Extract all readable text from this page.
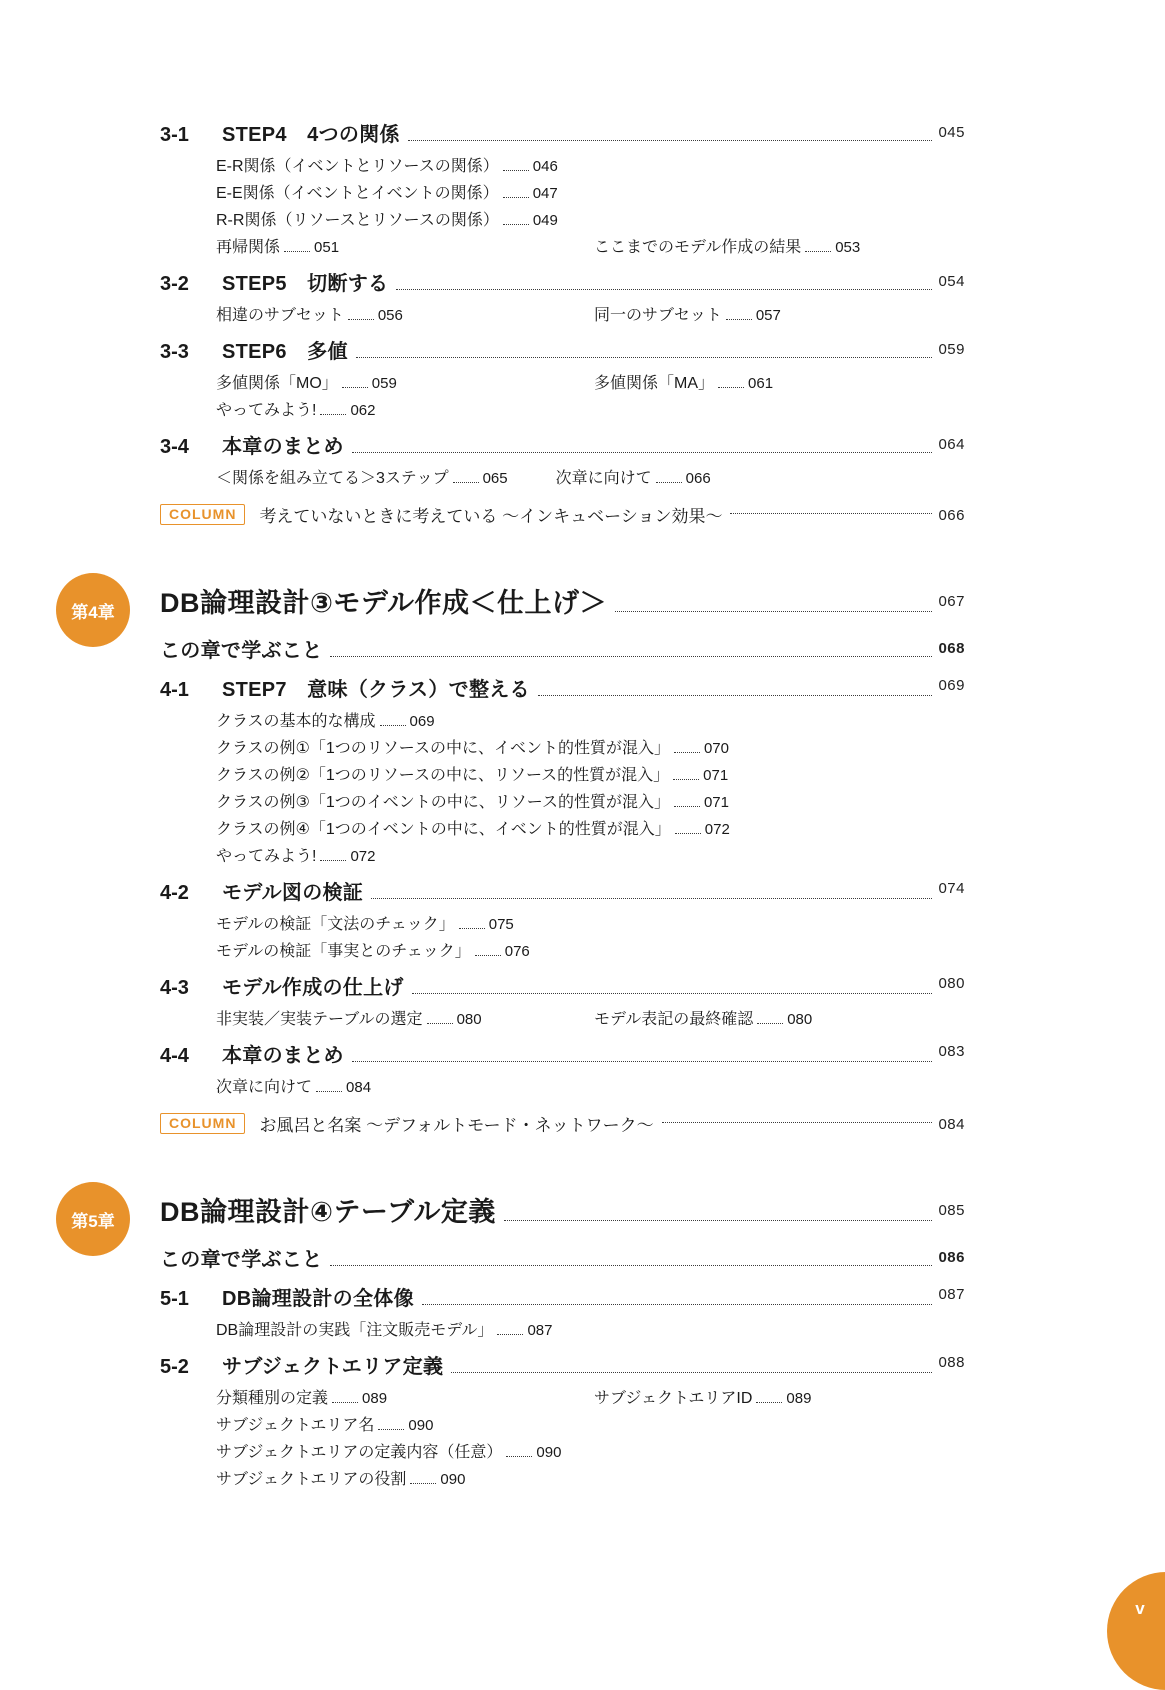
3-1	STEP4　4つの関係	045
E-R関係（イベントとリソースの関係） 046
E-E関係（イベントとイベントの関係） 047
R-R関係（リソースとリソースの関係） 049
再帰関係 051	ここまでのモデル作成の結果 053
3-2	STEP5　切断する	054
相違のサブセット 056	同一のサブセット 057
3-3	STEP6　多値	059
多値関係「MO」 059	多値関係「MA」 061
やってみよう! 062
3-4	本章のまとめ	064
＜関係を組み立てる＞3ステップ 065	次章に向けて 066
COLUMN	考えていないときに考えている 〜インキュベーション効果〜	066
第4章	DB論理設計③モデル作成＜仕上げ＞	067
この章で学ぶこと	068
4-1	STEP7　意味（クラス）で整える	069
クラスの基本的な構成 069
クラスの例①「1つのリソースの中に、イベント的性質が混入」 070
クラスの例②「1つのリソースの中に、リソース的性質が混入」 071
クラスの例③「1つのイベントの中に、リソース的性質が混入」 071
クラスの例④「1つのイベントの中に、イベント的性質が混入」 072
やってみよう! 072
4-2	モデル図の検証	074
モデルの検証「文法のチェック」 075
モデルの検証「事実とのチェック」 076
4-3	モデル作成の仕上げ	080
非実装／実装テーブルの選定 080	モデル表記の最終確認 080
4-4	本章のまとめ	083
次章に向けて 084
COLUMN	お風呂と名案 〜デフォルトモード・ネットワーク〜	084
第5章	DB論理設計④テーブル定義	085
この章で学ぶこと	086
5-1	DB論理設計の全体像	087
DB論理設計の実践「注文販売モデル」 087
5-2	サブジェクトエリア定義	088
分類種別の定義 089	サブジェクトエリアID 089
サブジェクトエリア名 090
サブジェクトエリアの定義内容（任意） 090
サブジェクトエリアの役割 090
v
